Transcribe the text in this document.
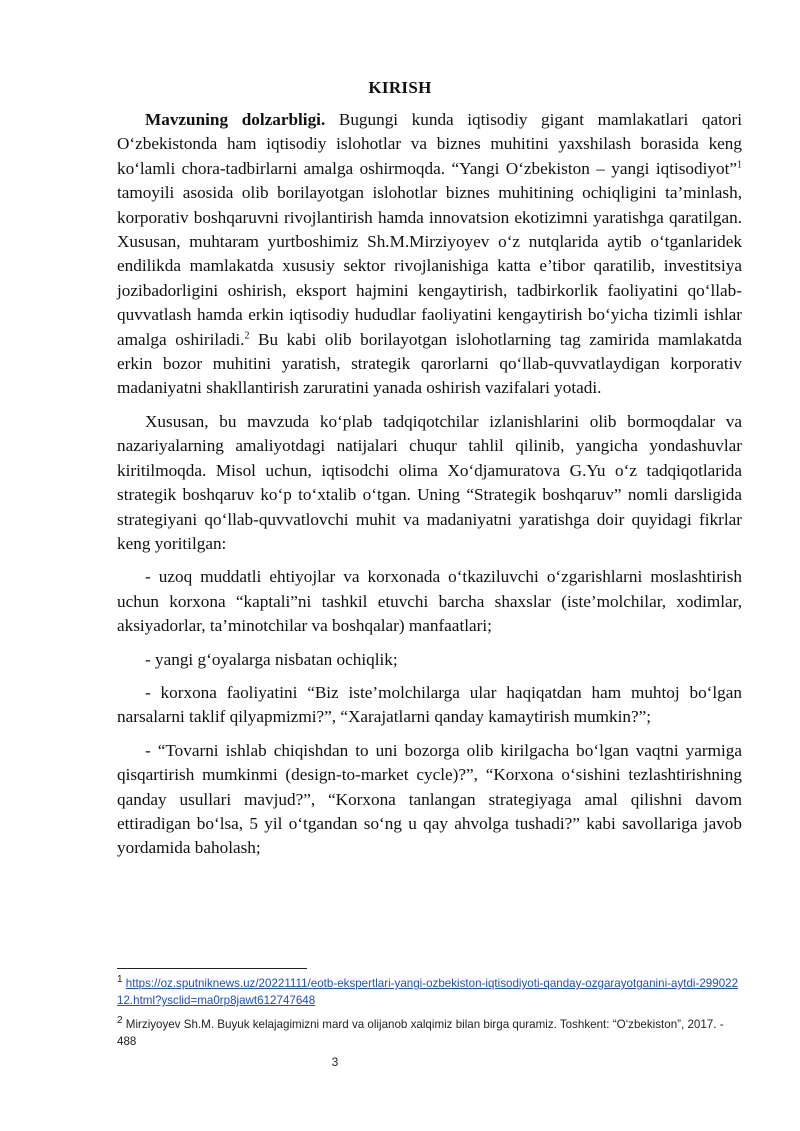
KIRISH

Mavzuning dolzarbligi. Bugungi kunda iqtisodiy gigant mamlakatlari qatori O‘zbekistonda ham iqtisodiy islohotlar va biznes muhitini yaxshilash borasida keng ko‘lamli chora-tadbirlarni amalga oshirmoqda. “Yangi O‘zbekiston – yangi iqtisodiyot”$^1$ tamoyili asosida olib borilayotgan islohotlar biznes muhitining ochiqligini ta’minlash, korporativ boshqaruvni rivojlantirish hamda innovatsion ekotizimni yaratishga qaratilgan. Xususan, muhtaram yurtboshimiz Sh.M.Mirziyoyev o‘z nutqlarida aytib o‘tganlaridek endilikda mamlakatda xususiy sektor rivojlanishiga katta e’tibor qaratilib, investitsiya jozibadorligini oshirish, eksport hajmini kengaytirish, tadbirkorlik faoliyatini qo‘llab-quvvatlash hamda erkin iqtisodiy hududlar faoliyatini kengaytirish bo‘yicha tizimli ishlar amalga oshiriladi.$^2$ Bu kabi olib borilayotgan islohotlarning tag zamirida mamlakatda erkin bozor muhitini yaratish, strategik qarorlarni qo‘llab-quvvatlaydigan korporativ madaniyatni shakllantirish zaruratini yanada oshirish vazifalari yotadi.

Xususan, bu mavzuda ko‘plab tadqiqotchilar izlanishlarini olib bormoqdalar va nazariyalarning amaliyotdagi natijalari chuqur tahlil qilinib, yangicha yondashuvlar kiritilmoqda. Misol uchun, iqtisodchi olima Xo‘djamuratova G.Yu o‘z tadqiqotlarida strategik boshqaruv ko‘p to‘xtalib o‘tgan. Uning “Strategik boshqaruv” nomli darsligida strategiyani qo‘llab-quvvatlovchi muhit va madaniyatni yaratishga doir quyidagi fikrlar keng yoritilgan:

- uzoq muddatli ehtiyojlar va korxonada o‘tkaziluvchi o‘zgarishlarni moslashtirish uchun korxona “kaptali”ni tashkil etuvchi barcha shaxslar (iste’molchilar, xodimlar, aksiyadorlar, ta’minotchilar va boshqalar) manfaatlari;

- yangi g‘oyalarga nisbatan ochiqlik;

- korxona faoliyatini “Biz iste’molchilarga ular haqiqatdan ham muhtoj bo‘lgan narsalarni taklif qilyapmizmi?”, “Xarajatlarni qanday kamaytirish mumkin?”;

- “Tovarni ishlab chiqishdan to uni bozorga olib kirilgacha bo‘lgan vaqtni yarmiga qisqartirish mumkinmi (design-to-market cycle)?”, “Korxona o‘sishini tezlashtirishning qanday usullari mavjud?”, “Korxona tanlangan strategiyaga amal qilishni davom ettiradigan bo‘lsa, 5 yil o‘tgandan so‘ng u qay ahvolga tushadi?” kabi savollariga javob yordamida baholash;

$^1$ https://oz.sputniknews.uz/20221111/eotb-ekspertlari-yangi-ozbekiston-iqtisodiyoti-qanday-ozgarayotganini-aytdi-29902212.html?ysclid=ma0rp8jawt612747648
$^2$ Mirziyoyev Sh.M. Buyuk kelajagimizni mard va olijanob xalqimiz bilan birga quramiz. Toshkent: “O‘zbekiston”, 2017. - 488
3
